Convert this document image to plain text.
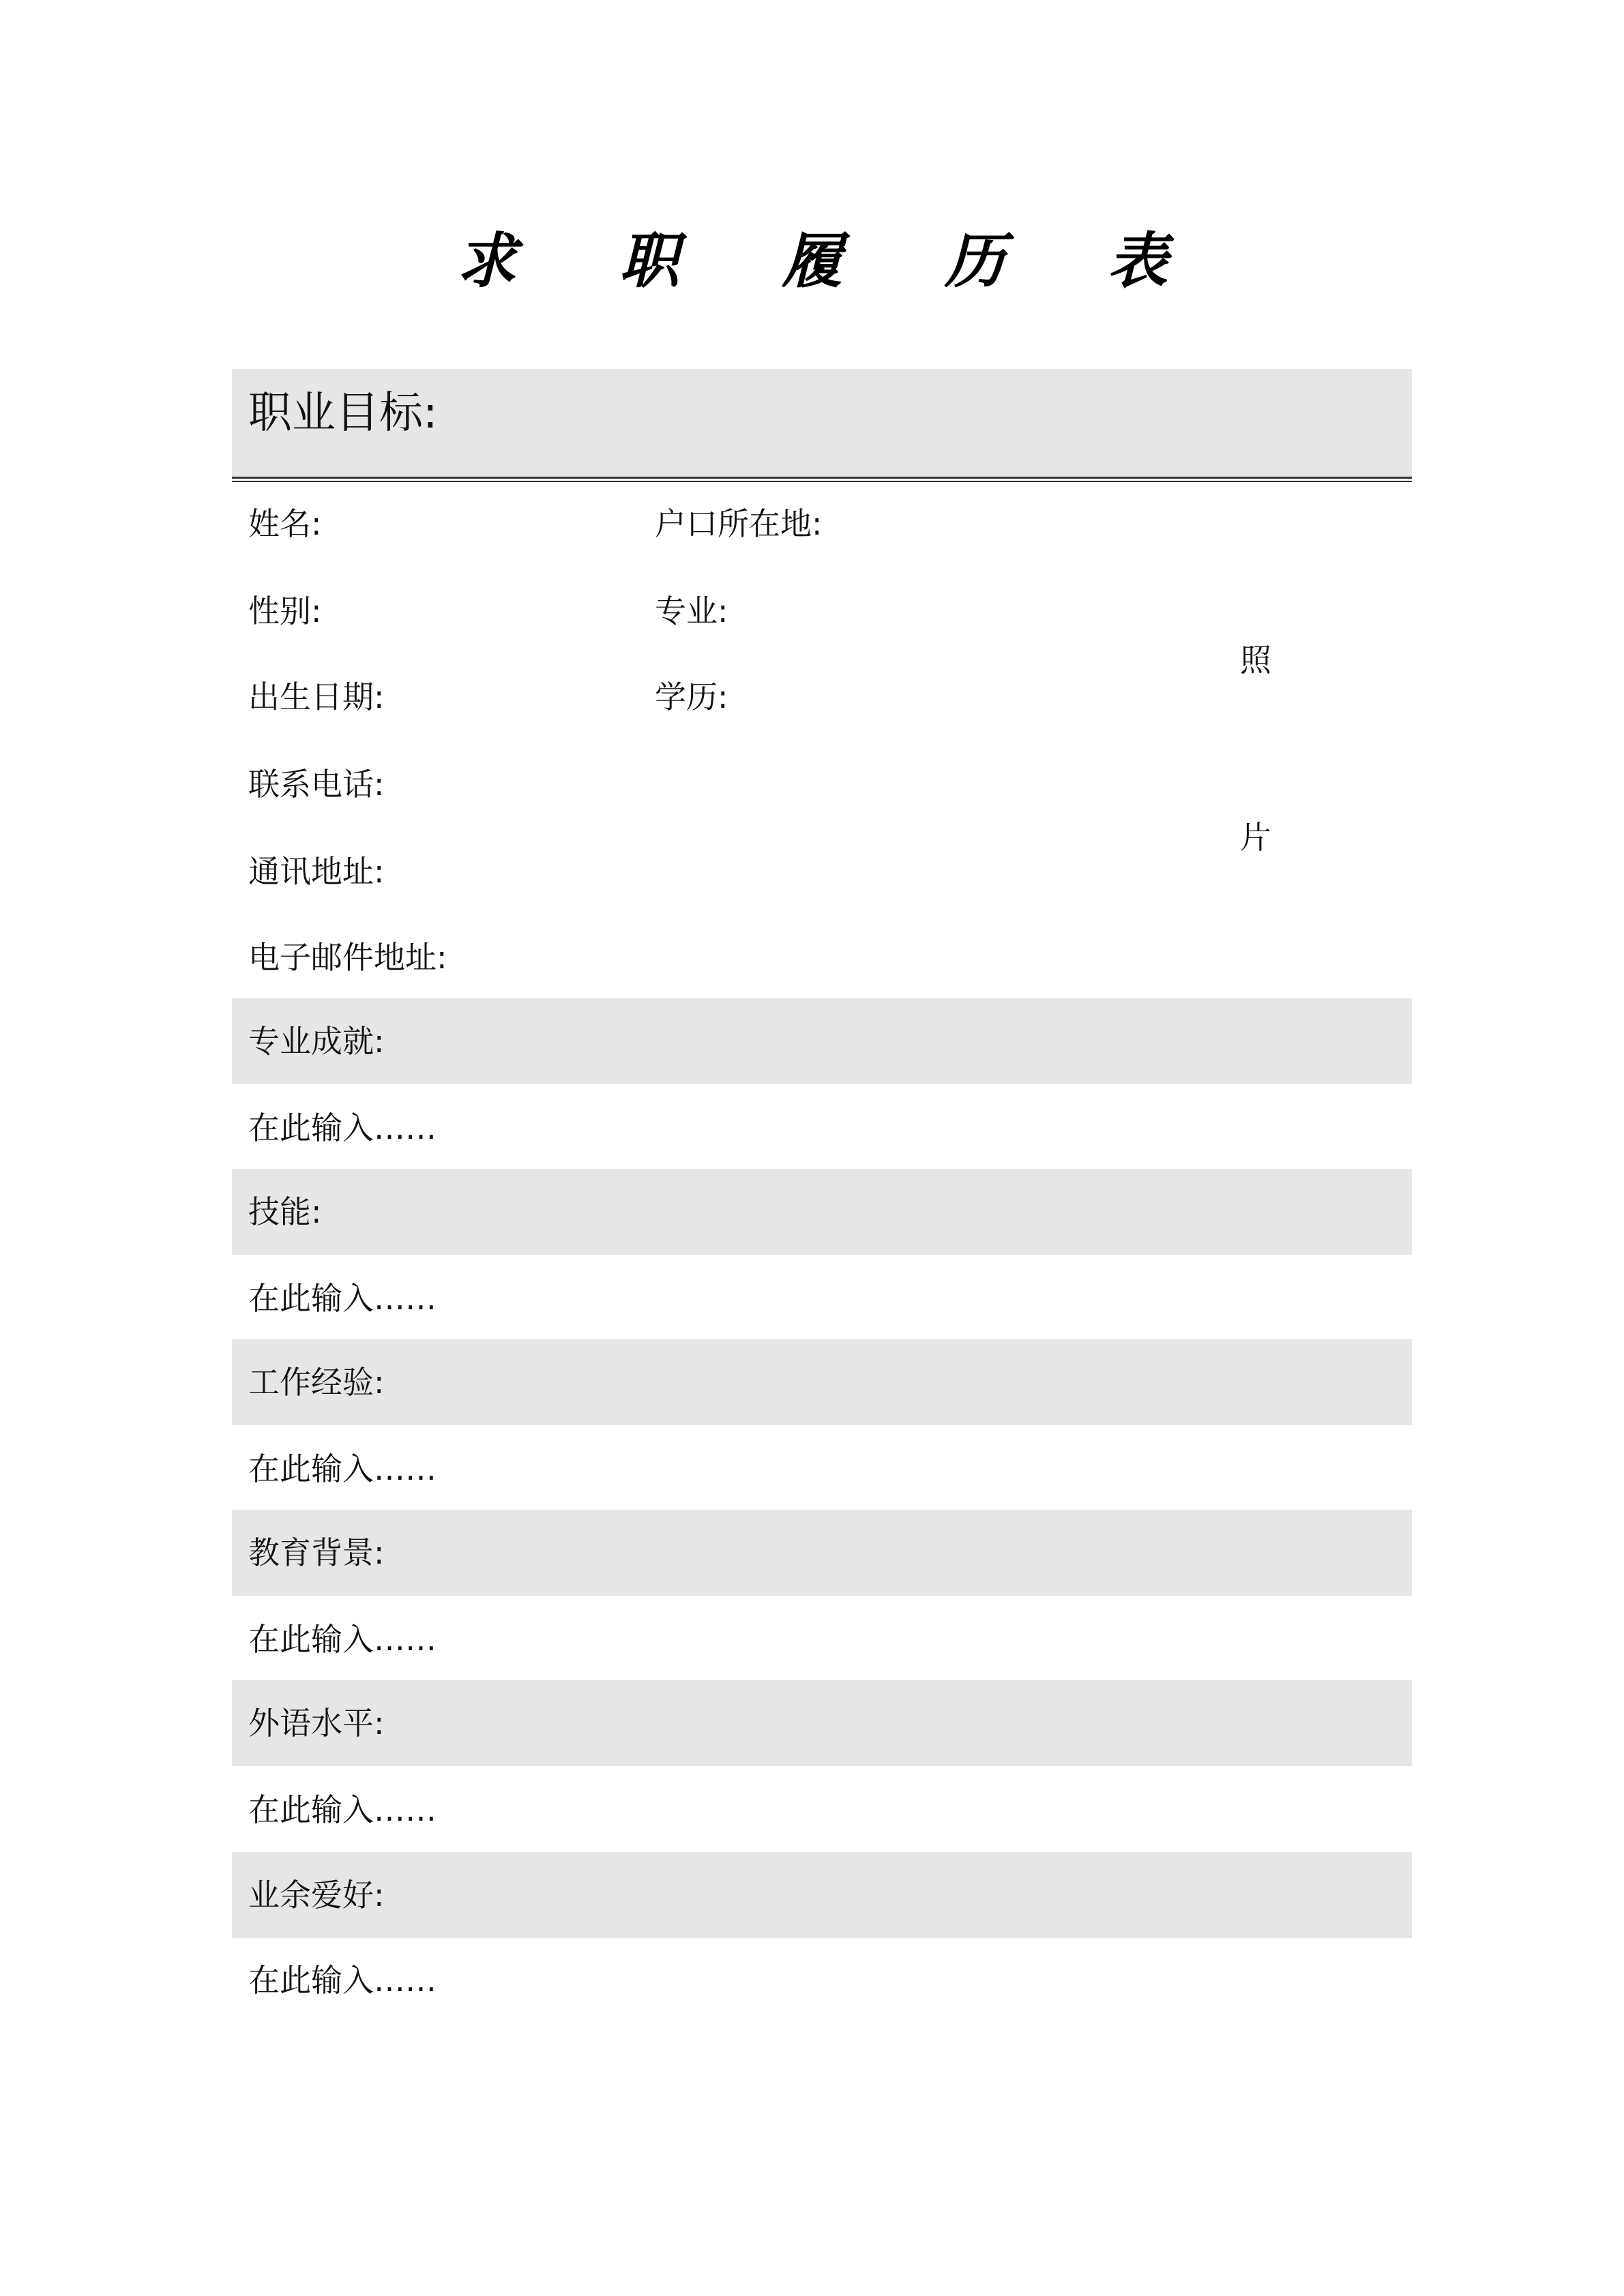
求 职 履 历 表
职业目标:
姓名:	户口所在地:
性别:	专业:
出生日期:	学历:
联系电话:
通讯地址:
电子邮件地址:
照
片
专业成就:
在此输入……
技能:
在此输入……
工作经验:
在此输入……
教育背景:
在此输入……
外语水平:
在此输入……
业余爱好:
在此输入……
